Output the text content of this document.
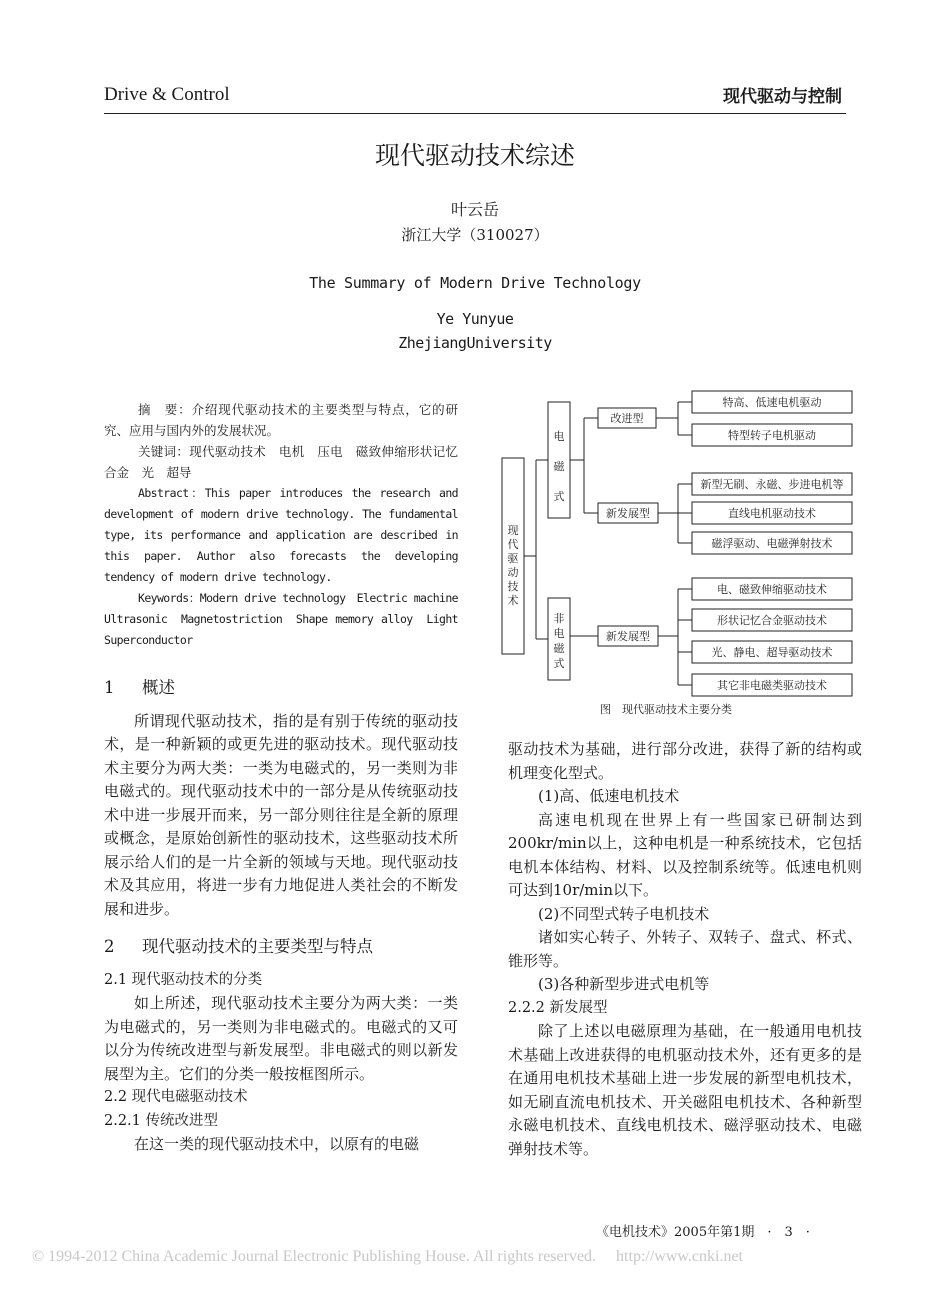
Drive & Control	现代驱动与控制
现代驱动技术综述
叶云岳
浙江大学（310027）
The Summary of Modern Drive Technology
Ye Yunyue
ZhejiangUniversity

摘　要：介绍现代驱动技术的主要类型与特点，它的研究、应用与国内外的发展状况。

关键词：现代驱动技术　电机　压电　磁致伸缩形状记忆合金　光　超导

Abstract：This paper introduces the research and development of modern drive technology. The fundamental type, its performance and application are described in this paper. Author also forecasts the developing tendency of modern drive technology.

Keywords：Modern drive technology　Electric machine　Ultrasonic　Magnetostriction　Shape memory alloy　Light　Superconductor

1 概述

所谓现代驱动技术，指的是有别于传统的驱动技术，是一种新颖的或更先进的驱动技术。现代驱动技术主要分为两大类：一类为电磁式的，另一类则为非电磁式的。现代驱动技术中的一部分是从传统驱动技术中进一步展开而来，另一部分则往往是全新的原理或概念，是原始创新性的驱动技术，这些驱动技术所展示给人们的是一片全新的领域与天地。现代驱动技术及其应用，将进一步有力地促进人类社会的不断发展和进步。

2 现代驱动技术的主要类型与特点

2.1 现代驱动技术的分类

如上所述，现代驱动技术主要分为两大类：一类为电磁式的，另一类则为非电磁式的。电磁式的又可以分为传统改进型与新发展型。非电磁式的则以新发展型为主。它们的分类一般按框图所示。

2.2 现代电磁驱动技术

2.2.1 传统改进型

在这一类的现代驱动技术中，以原有的电磁

现
代
驱
动
技
术
电
磁
式
非
电
磁
式
改进型
新发展型
新发展型
特高、低速电机驱动
特型转子电机驱动
新型无刷、永磁、步进电机等
直线电机驱动技术
磁浮驱动、电磁弹射技术
电、磁致伸缩驱动技术
形状记忆合金驱动技术
光、静电、超导驱动技术
其它非电磁类驱动技术
图　现代驱动技术主要分类

驱动技术为基础，进行部分改进，获得了新的结构或机理变化型式。

(1)高、低速电机技术

高速电机现在世界上有一些国家已研制达到200kr/min以上，这种电机是一种系统技术，它包括电机本体结构、材料、以及控制系统等。低速电机则可达到10r/min以下。

(2)不同型式转子电机技术

诸如实心转子、外转子、双转子、盘式、杯式、锥形等。

(3)各种新型步进式电机等

2.2.2 新发展型

除了上述以电磁原理为基础，在一般通用电机技术基础上改进获得的电机驱动技术外，还有更多的是在通用电机技术基础上进一步发展的新型电机技术，如无刷直流电机技术、开关磁阻电机技术、各种新型永磁电机技术、直线电机技术、磁浮驱动技术、电磁弹射技术等。

《电机技术》2005年第1期　·　3　·
© 1994-2012 China Academic Journal Electronic Publishing House. All rights reserved.　 http://www.cnki.net
